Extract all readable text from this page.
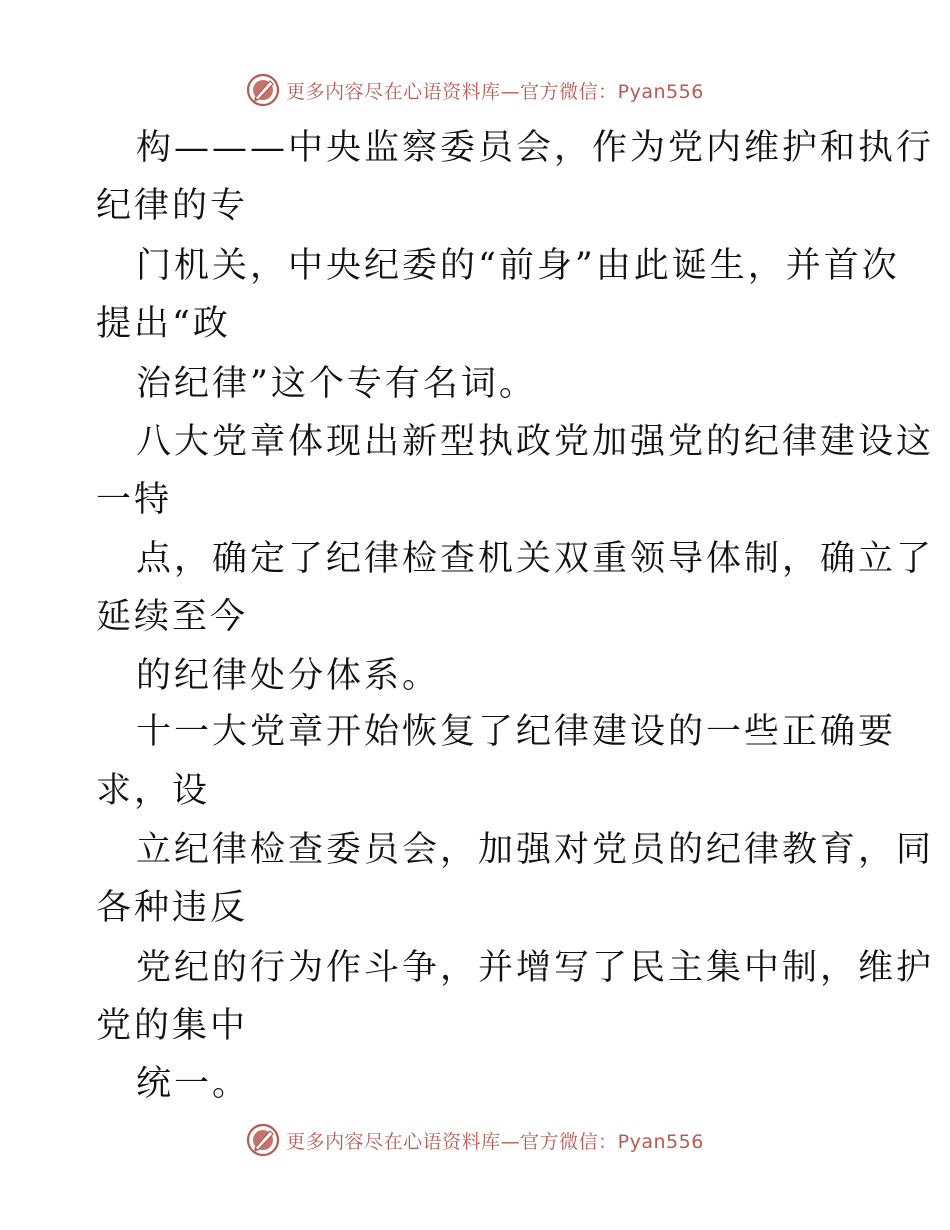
更多内容尽在心语资料库—官方微信：Pyan556
构———中央监察委员会，作为党内维护和执行
纪律的专
门机关，中央纪委的“前身”由此诞生，并首次
提出“政
治纪律”这个专有名词。
八大党章体现出新型执政党加强党的纪律建设这
一特
点，确定了纪律检查机关双重领导体制，确立了
延续至今
的纪律处分体系。
十一大党章开始恢复了纪律建设的一些正确要
求，设
立纪律检查委员会，加强对党员的纪律教育，同
各种违反
党纪的行为作斗争，并增写了民主集中制，维护
党的集中
统一。
更多内容尽在心语资料库—官方微信：Pyan556
